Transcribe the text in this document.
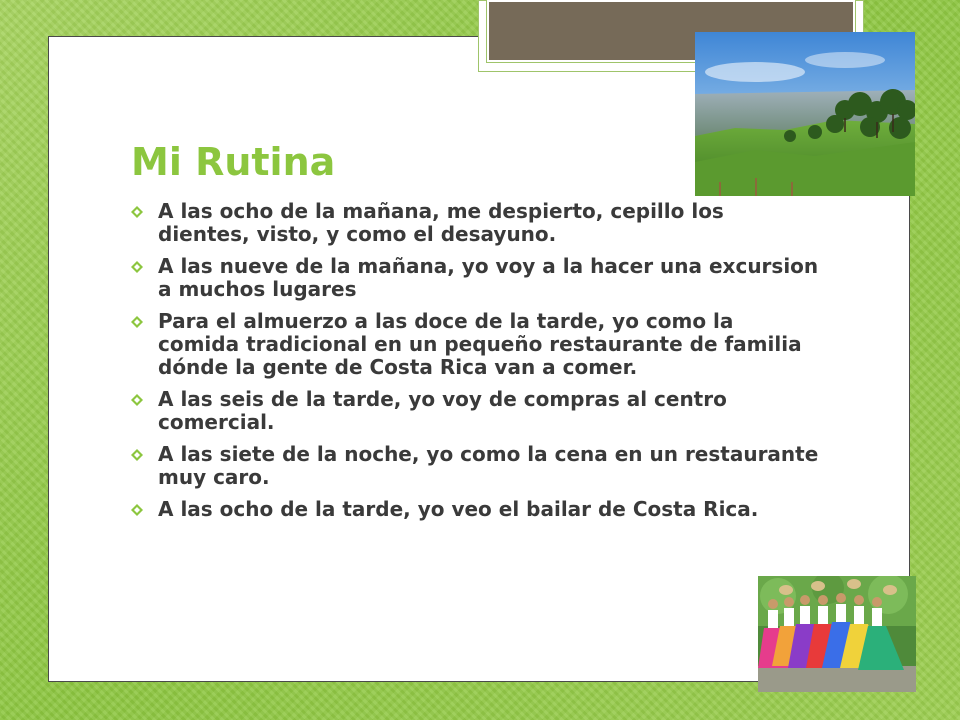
Mi Rutina
A las ocho de la mañana, me despierto, cepillo los dientes, visto, y como el desayuno.
A las nueve de la mañana, yo voy a la hacer una excursion a muchos lugares
Para el almuerzo a las doce de la tarde, yo como la comida tradicional en un pequeño restaurante de familia dónde la gente de Costa Rica van a comer.
A las seis de la tarde, yo voy de compras al centro comercial.
A las siete de la noche, yo como la cena en un restaurante muy caro.
A las ocho de la tarde, yo veo el bailar de Costa Rica.
